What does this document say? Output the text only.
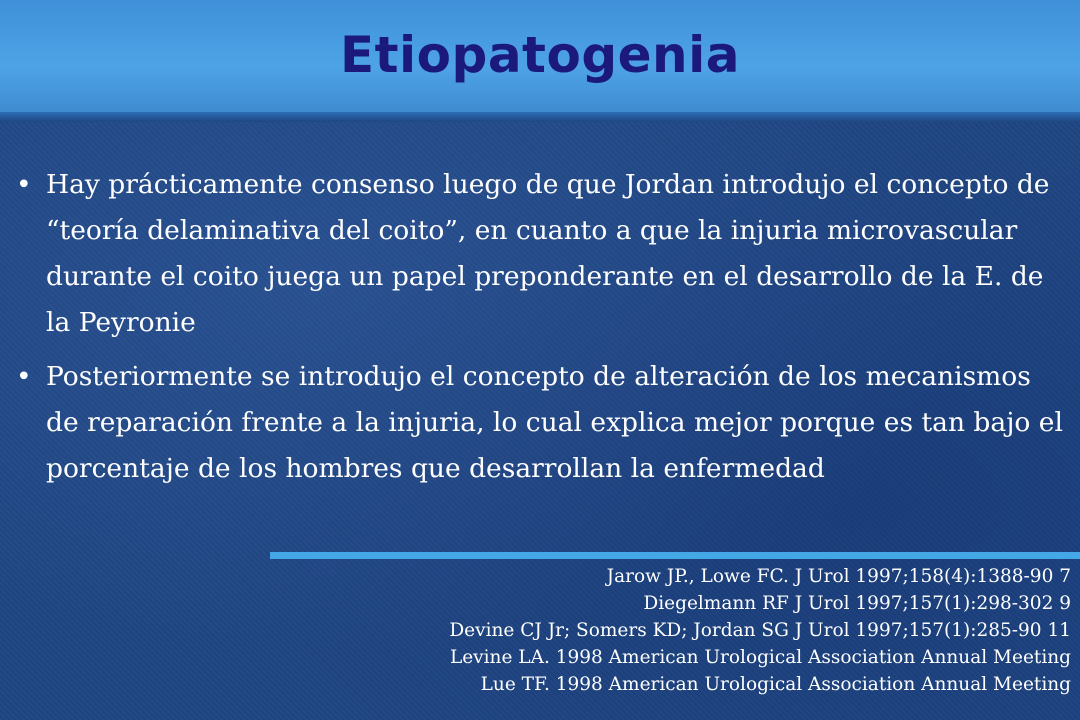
Etiopatogenia
• Hay prácticamente consenso luego de que Jordan introdujo el concepto de “teoría delaminativa del coito”, en cuanto a que la injuria microvascular durante el coito juega un papel preponderante en el desarrollo de la E. de la Peyronie
• Posteriormente se introdujo el concepto de alteración de los mecanismos de reparación frente a la injuria, lo cual explica mejor porque es tan bajo el porcentaje de los hombres que desarrollan la enfermedad
Jarow JP., Lowe FC. J Urol 1997;158(4):1388-90 7
Diegelmann RF J Urol 1997;157(1):298-302 9
Devine CJ Jr; Somers KD; Jordan SG J Urol 1997;157(1):285-90 11
Levine LA. 1998 American Urological Association Annual Meeting
Lue TF. 1998 American Urological Association Annual Meeting
